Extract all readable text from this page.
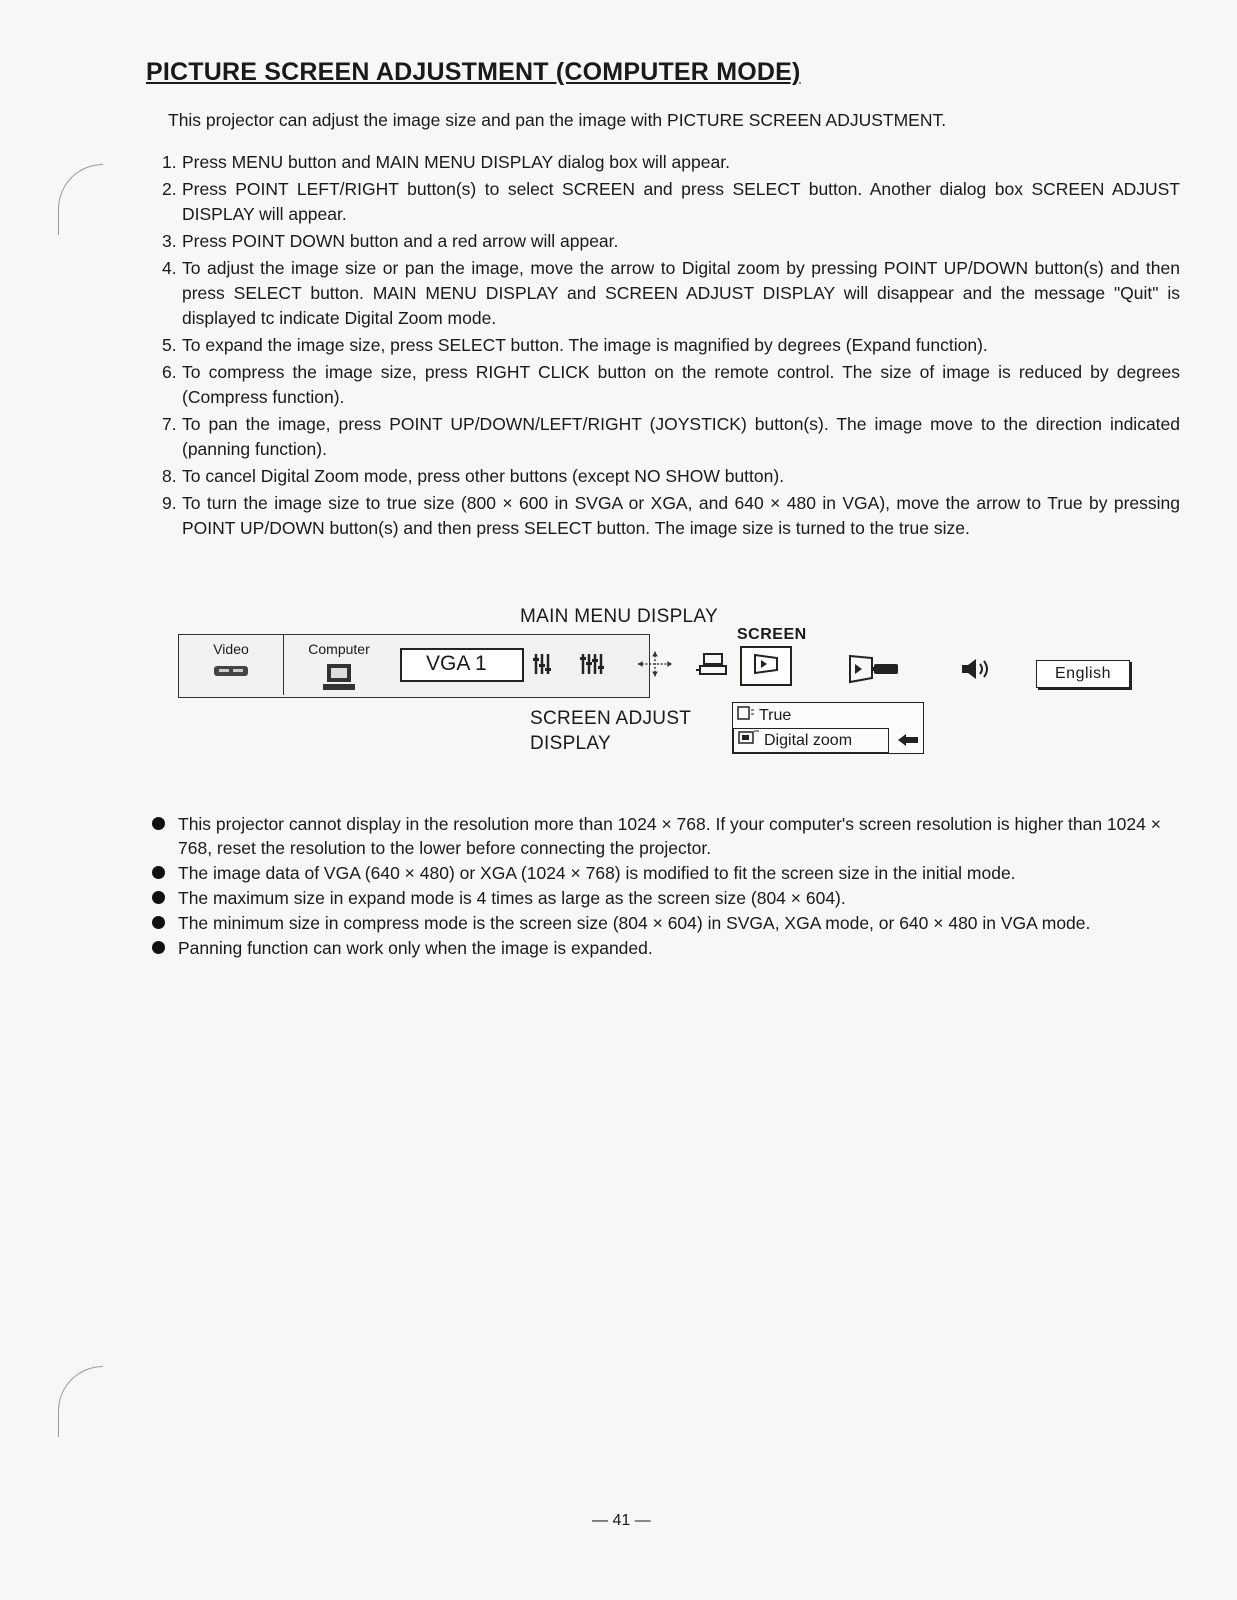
PICTURE SCREEN ADJUSTMENT (COMPUTER MODE)

This projector can adjust the image size and pan the image with PICTURE SCREEN ADJUSTMENT.

1. Press MENU button and MAIN MENU DISPLAY dialog box will appear.
2. Press POINT LEFT/RIGHT button(s) to select SCREEN and press SELECT button. Another dialog box SCREEN ADJUST DISPLAY will appear.
3. Press POINT DOWN button and a red arrow will appear.
4. To adjust the image size or pan the image, move the arrow to Digital zoom by pressing POINT UP/DOWN button(s) and then press SELECT button. MAIN MENU DISPLAY and SCREEN ADJUST DISPLAY will disappear and the message "Quit" is displayed tc indicate Digital Zoom mode.
5. To expand the image size, press SELECT button. The image is magnified by degrees (Expand function).
6. To compress the image size, press RIGHT CLICK button on the remote control. The size of image is reduced by degrees (Compress function).
7. To pan the image, press POINT UP/DOWN/LEFT/RIGHT (JOYSTICK) button(s). The image move to the direction indicated (panning function).
8. To cancel Digital Zoom mode, press other buttons (except NO SHOW button).
9. To turn the image size to true size (800 × 600 in SVGA or XGA, and 640 × 480 in VGA), move the arrow to True by pressing POINT UP/DOWN button(s) and then press SELECT button. The image size is turned to the true size.
MAIN MENU DISPLAY
Video	Computer
VGA 1
SCREEN
English
SCREEN ADJUST
DISPLAY
True
Digital zoom
This projector cannot display in the resolution more than 1024 × 768. If your computer's screen resolution is higher than 1024 × 768, reset the resolution to the lower before connecting the projector.
The image data of VGA (640 × 480) or XGA (1024 × 768) is modified to fit the screen size in the initial mode.
The maximum size in expand mode is 4 times as large as the screen size (804 × 604).
The minimum size in compress mode is the screen size (804 × 604) in SVGA, XGA mode, or 640 × 480 in VGA mode.
Panning function can work only when the image is expanded.
— 41 —
